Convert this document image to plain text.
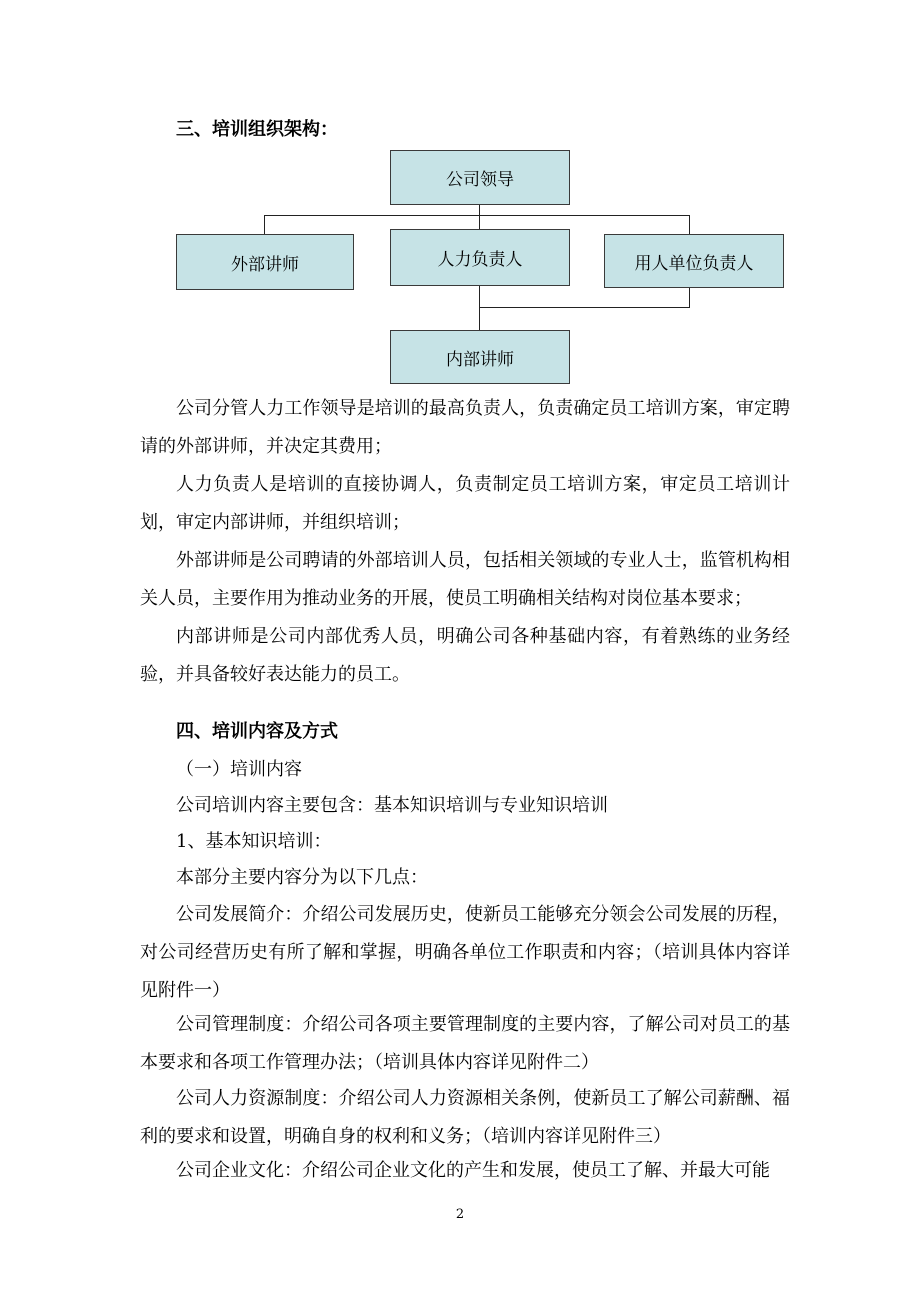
三、培训组织架构：
公司领导
外部讲师	人力负责人	用人单位负责人
内部讲师
公司分管人力工作领导是培训的最高负责人，负责确定员工培训方案，审定聘请的外部讲师，并决定其费用；
人力负责人是培训的直接协调人，负责制定员工培训方案，审定员工培训计划，审定内部讲师，并组织培训；
外部讲师是公司聘请的外部培训人员，包括相关领域的专业人士，监管机构相关人员，主要作用为推动业务的开展，使员工明确相关结构对岗位基本要求；
内部讲师是公司内部优秀人员，明确公司各种基础内容，有着熟练的业务经验，并具备较好表达能力的员工。
四、培训内容及方式
（一）培训内容
公司培训内容主要包含：基本知识培训与专业知识培训
1、基本知识培训：
本部分主要内容分为以下几点：
公司发展简介：介绍公司发展历史，使新员工能够充分领会公司发展的历程，对公司经营历史有所了解和掌握，明确各单位工作职责和内容；（培训具体内容详见附件一）
公司管理制度：介绍公司各项主要管理制度的主要内容，了解公司对员工的基本要求和各项工作管理办法；（培训具体内容详见附件二）
公司人力资源制度：介绍公司人力资源相关条例，使新员工了解公司薪酬、福利的要求和设置，明确自身的权利和义务；（培训内容详见附件三）
公司企业文化：介绍公司企业文化的产生和发展，使员工了解、并最大可能
2
